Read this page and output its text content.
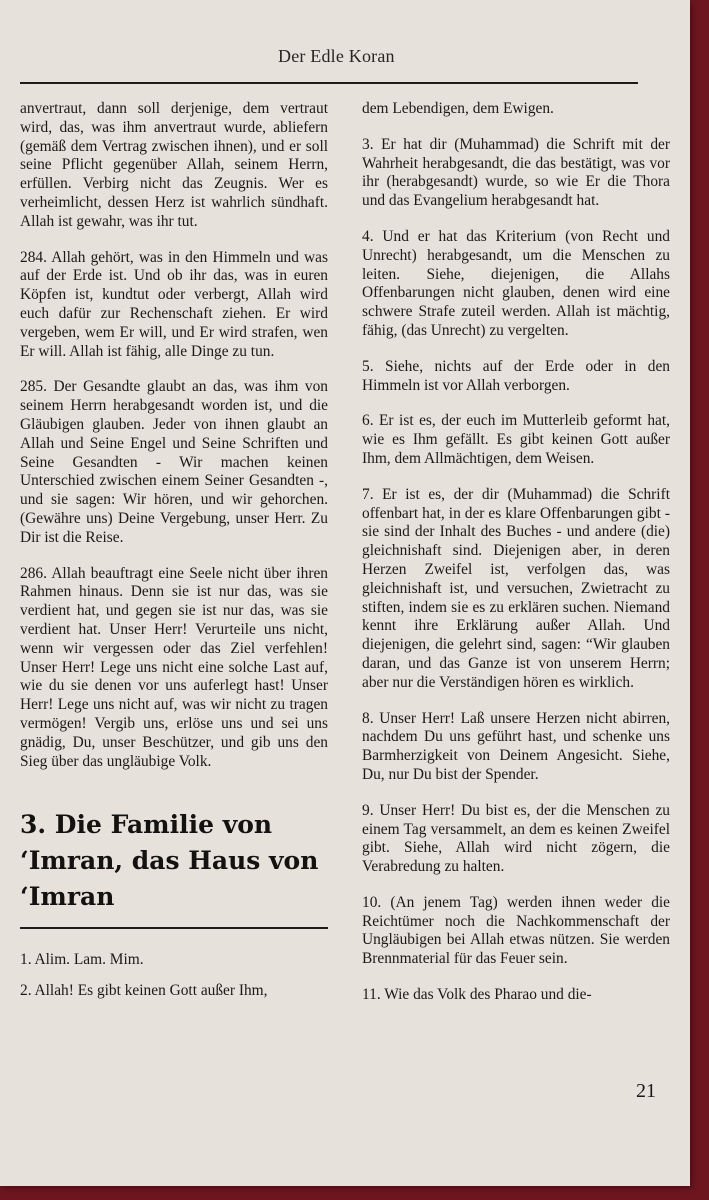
Der Edle Koran

anvertraut, dann soll derjenige, dem vertraut wird, das, was ihm anvertraut wurde, abliefern (gemäß dem Vertrag zwischen ihnen), und er soll seine Pflicht gegenüber Allah, seinem Herrn, erfüllen. Verbirg nicht das Zeugnis. Wer es verheimlicht, dessen Herz ist wahrlich sündhaft. Allah ist gewahr, was ihr tut.

284. Allah gehört, was in den Himmeln und was auf der Erde ist. Und ob ihr das, was in euren Köpfen ist, kundtut oder verbergt, Allah wird euch dafür zur Rechenschaft ziehen. Er wird vergeben, wem Er will, und Er wird strafen, wen Er will. Allah ist fähig, alle Dinge zu tun.

285. Der Gesandte glaubt an das, was ihm von seinem Herrn herabgesandt worden ist, und die Gläubigen glauben. Jeder von ihnen glaubt an Allah und Seine Engel und Seine Schriften und Seine Gesandten - Wir machen keinen Unterschied zwischen einem Seiner Gesandten -, und sie sagen: Wir hören, und wir gehorchen. (Gewähre uns) Deine Vergebung, unser Herr. Zu Dir ist die Reise.

286. Allah beauftragt eine Seele nicht über ihren Rahmen hinaus. Denn sie ist nur das, was sie verdient hat, und gegen sie ist nur das, was sie verdient hat. Unser Herr! Verurteile uns nicht, wenn wir vergessen oder das Ziel verfehlen! Unser Herr! Lege uns nicht eine solche Last auf, wie du sie denen vor uns auferlegt hast! Unser Herr! Lege uns nicht auf, was wir nicht zu tragen vermögen! Vergib uns, erlöse uns und sei uns gnädig, Du, unser Beschützer, und gib uns den Sieg über das ungläubige Volk.

3. Die Familie von ‘Imran, das Haus von ‘Imran

1. Alim. Lam. Mim.

2. Allah! Es gibt keinen Gott außer Ihm,

dem Lebendigen, dem Ewigen.

3. Er hat dir (Muhammad) die Schrift mit der Wahrheit herabgesandt, die das bestätigt, was vor ihr (herabgesandt) wurde, so wie Er die Thora und das Evangelium herabgesandt hat.

4. Und er hat das Kriterium (von Recht und Unrecht) herabgesandt, um die Menschen zu leiten. Siehe, diejenigen, die Allahs Offenbarungen nicht glauben, denen wird eine schwere Strafe zuteil werden. Allah ist mächtig, fähig, (das Unrecht) zu vergelten.

5. Siehe, nichts auf der Erde oder in den Himmeln ist vor Allah verborgen.

6. Er ist es, der euch im Mutterleib geformt hat, wie es Ihm gefällt. Es gibt keinen Gott außer Ihm, dem Allmächtigen, dem Weisen.

7. Er ist es, der dir (Muhammad) die Schrift offenbart hat, in der es klare Offenbarungen gibt - sie sind der Inhalt des Buches - und andere (die) gleichnishaft sind. Diejenigen aber, in deren Herzen Zweifel ist, verfolgen das, was gleichnishaft ist, und versuchen, Zwietracht zu stiften, indem sie es zu erklären suchen. Niemand kennt ihre Erklärung außer Allah. Und diejenigen, die gelehrt sind, sagen: “Wir glauben daran, und das Ganze ist von unserem Herrn; aber nur die Verständigen hören es wirklich.

8. Unser Herr! Laß unsere Herzen nicht abirren, nachdem Du uns geführt hast, und schenke uns Barmherzigkeit von Deinem Angesicht. Siehe, Du, nur Du bist der Spender.

9. Unser Herr! Du bist es, der die Menschen zu einem Tag versammelt, an dem es keinen Zweifel gibt. Siehe, Allah wird nicht zögern, die Verabredung zu halten.

10. (An jenem Tag) werden ihnen weder die Reichtümer noch die Nachkommenschaft der Ungläubigen bei Allah etwas nützen. Sie werden Brennmaterial für das Feuer sein.

11. Wie das Volk des Pharao und die-

21
